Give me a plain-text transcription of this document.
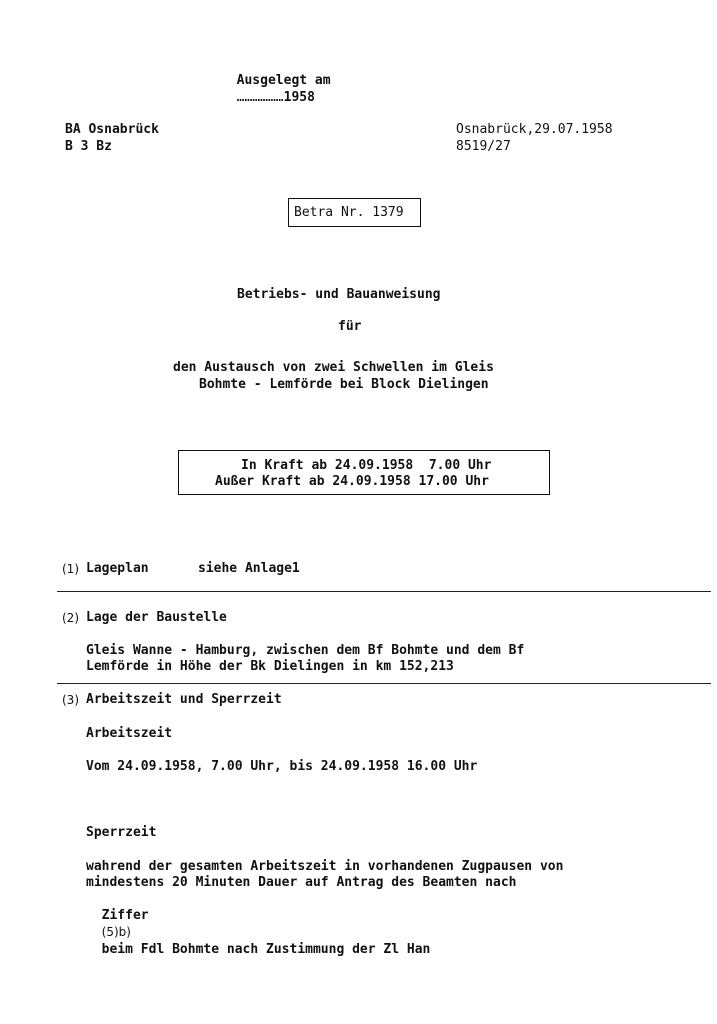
Ausgelegt am
………………1958

BA Osnabrück
B 3 Bz
Osnabrück,29.07.1958
8519/27
Betra Nr. 1379
Betriebs- und Bauanweisung
für
den Austausch von zwei Schwellen im Gleis
Bohmte - Lemförde bei Block Dielingen
In Kraft ab 24.09.1958  7.00 Uhr
Außer Kraft ab 24.09.1958 17.00 Uhr
(1) Lageplan	siehe Anlage1
(2) Lage der Baustelle
Gleis Wanne - Hamburg, zwischen dem Bf Bohmte und dem Bf
Lemförde in Höhe der Bk Dielingen in km 152,213
(3) Arbeitszeit und Sperrzeit
Arbeitszeit
Vom 24.09.1958, 7.00 Uhr, bis 24.09.1958 16.00 Uhr
Sperrzeit
wahrend der gesamten Arbeitszeit in vorhandenen Zugpausen von
mindestens 20 Minuten Dauer auf Antrag des Beamten nach

Ziffer
(5)b)
beim Fdl Bohmte nach Zustimmung der Zl Han
